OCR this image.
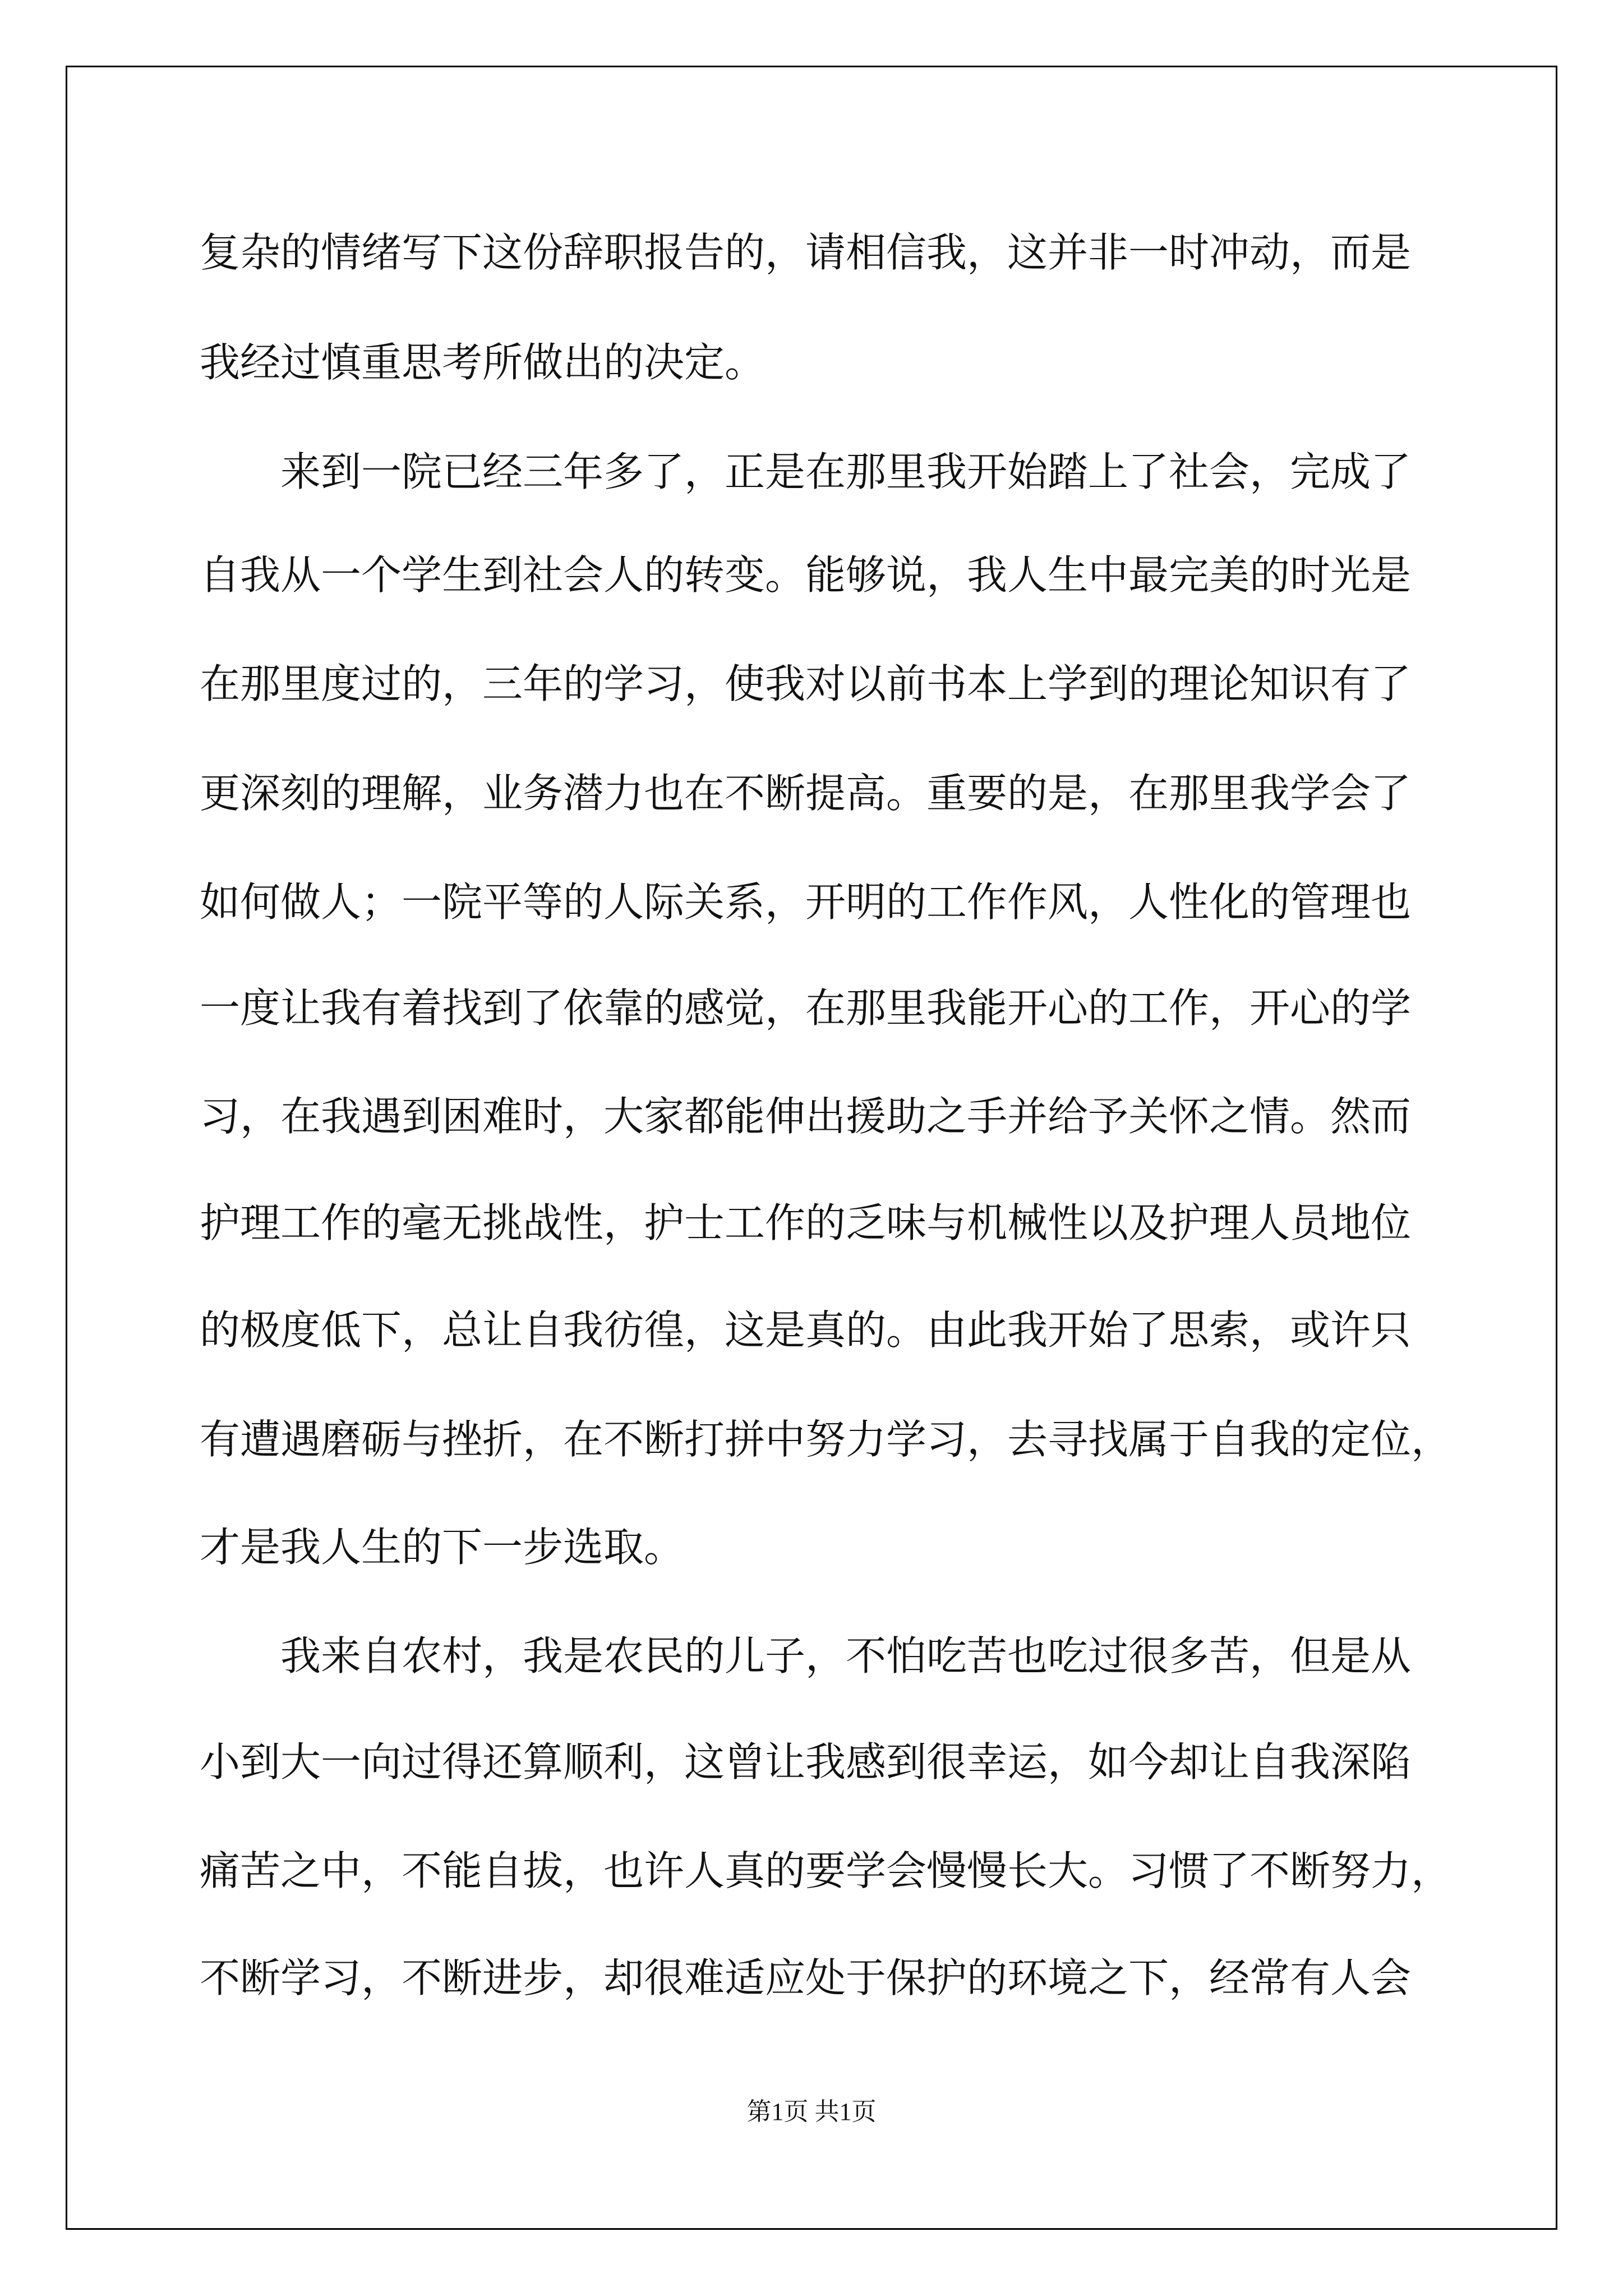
复杂的情绪写下这份辞职报告的，请相信我，这并非一时冲动，而是

我经过慎重思考所做出的决定。

来到一院已经三年多了，正是在那里我开始踏上了社会，完成了

自我从一个学生到社会人的转变。能够说，我人生中最完美的时光是

在那里度过的，三年的学习，使我对以前书本上学到的理论知识有了

更深刻的理解，业务潜力也在不断提高。重要的是，在那里我学会了

如何做人；一院平等的人际关系，开明的工作作风，人性化的管理也

一度让我有着找到了依靠的感觉，在那里我能开心的工作，开心的学

习，在我遇到困难时，大家都能伸出援助之手并给予关怀之情。然而

护理工作的毫无挑战性，护士工作的乏味与机械性以及护理人员地位

的极度低下，总让自我彷徨，这是真的。由此我开始了思索，或许只

有遭遇磨砺与挫折，在不断打拼中努力学习，去寻找属于自我的定位，

才是我人生的下一步选取。

我来自农村，我是农民的儿子，不怕吃苦也吃过很多苦，但是从

小到大一向过得还算顺利，这曾让我感到很幸运，如今却让自我深陷

痛苦之中，不能自拔，也许人真的要学会慢慢长大。习惯了不断努力，

不断学习，不断进步，却很难适应处于保护的环境之下，经常有人会

第1页 共1页
